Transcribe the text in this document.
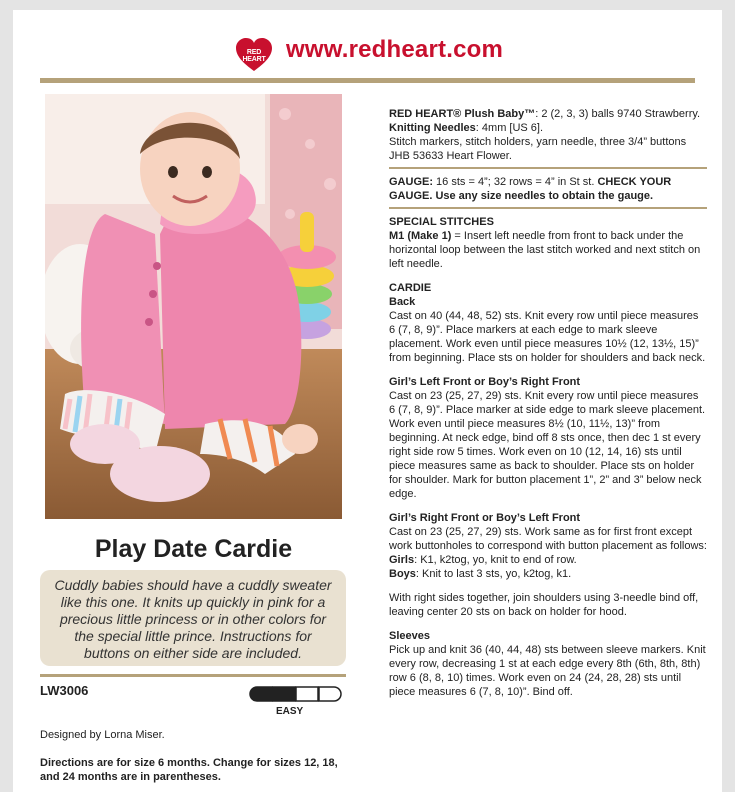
RED
HEART www.redheart.com
Play Date Cardie
Cuddly babies should have a cuddly sweater like this one. It knits up quickly in pink for a precious little princess or in other colors for the special little prince. Instructions for buttons on either side are included.
LW3006
EASY
Designed by Lorna Miser.
Directions are for size 6 months. Change for sizes 12, 18, and 24 months are in parentheses.

RED HEART® Plush Baby™: 2 (2, 3, 3) balls 9740 Strawberry.

Knitting Needles: 4mm [US 6].

Stitch markers, stitch holders, yarn needle, three 3/4” buttons JHB 53633 Heart Flower.

GAUGE: 16 sts = 4”; 32 rows = 4” in St st. CHECK YOUR GAUGE. Use any size needles to obtain the gauge.

SPECIAL STITCHES

M1 (Make 1) = Insert left needle from front to back under the horizontal loop between the last stitch worked and next stitch on left needle.

CARDIE

Back

Cast on 40 (44, 48, 52) sts. Knit every row until piece measures 6 (7, 8, 9)”. Place markers at each edge to mark sleeve placement. Work even until piece measures 10½ (12, 13½, 15)” from beginning. Place sts on holder for shoulders and back neck.

Girl’s Left Front or Boy’s Right Front

Cast on 23 (25, 27, 29) sts. Knit every row until piece measures 6 (7, 8, 9)”. Place marker at side edge to mark sleeve placement. Work even until piece measures 8½ (10, 11½, 13)” from beginning. At neck edge, bind off 8 sts once, then dec 1 st every right side row 5 times. Work even on 10 (12, 14, 16) sts until piece measures same as back to shoulder. Place sts on holder for shoulder. Mark for button placement 1”, 2” and 3” below neck edge.

Girl’s Right Front or Boy’s Left Front

Cast on 23 (25, 27, 29) sts. Work same as for first front except work buttonholes to correspond with button placement as follows:

Girls: K1, k2tog, yo, knit to end of row.

Boys: Knit to last 3 sts, yo, k2tog, k1.

With right sides together, join shoulders using 3-needle bind off, leaving center 20 sts on back on holder for hood.

Sleeves

Pick up and knit 36 (40, 44, 48) sts between sleeve markers. Knit every row, decreasing 1 st at each edge every 8th (6th, 8th, 8th) row 6 (8, 8, 10) times. Work even on 24 (24, 28, 28) sts until piece measures 6 (7, 8, 10)”. Bind off.
